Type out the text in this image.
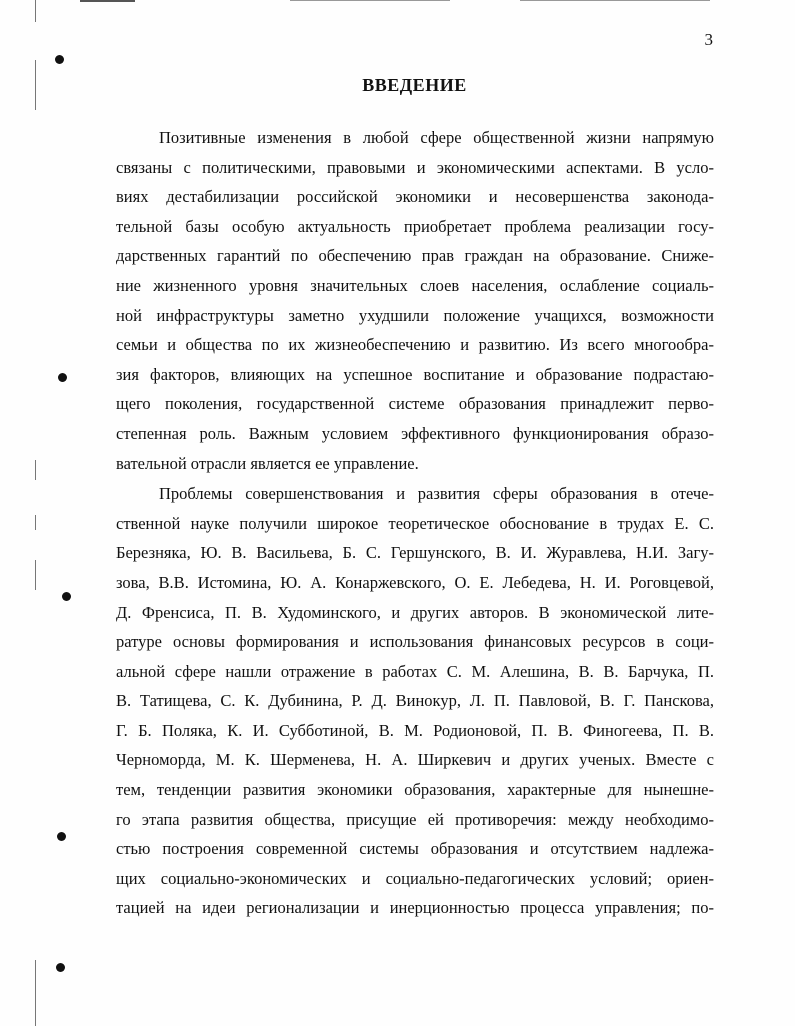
3
ВВЕДЕНИЕ
Позитивные изменения в любой сфере общественной жизни напрямую
связаны с политическими, правовыми и экономическими аспектами. В усло-
виях дестабилизации российской экономики и несовершенства законода-
тельной базы особую актуальность приобретает проблема реализации госу-
дарственных гарантий по обеспечению прав граждан на образование. Сниже-
ние жизненного уровня значительных слоев населения, ослабление социаль-
ной инфраструктуры заметно ухудшили положение учащихся, возможности
семьи и общества по их жизнеобеспечению и развитию. Из всего многообра-
зия факторов, влияющих на успешное воспитание и образование подрастаю-
щего поколения, государственной системе образования принадлежит перво-
степенная роль. Важным условием эффективного функционирования образо-
вательной отрасли является ее управление.
Проблемы совершенствования и развития сферы образования в отече-
ственной науке получили широкое теоретическое обоснование в трудах Е. С.
Березняка, Ю. В. Васильева, Б. С. Гершунского, В. И. Журавлева, Н.И. Загу-
зова, В.В. Истомина, Ю. А. Конаржевского, О. Е. Лебедева, Н. И. Роговцевой,
Д. Френсиса, П. В. Худоминского, и других авторов. В экономической лите-
ратуре основы формирования и использования финансовых ресурсов в соци-
альной сфере нашли отражение в работах С. М. Алешина, В. В. Барчука, П.
В. Татищева, С. К. Дубинина, Р. Д. Винокур, Л. П. Павловой, В. Г. Панскова,
Г. Б. Поляка, К. И. Субботиной, В. М. Родионовой, П. В. Финогеева, П. В.
Черноморда, М. К. Шерменева, Н. А. Ширкевич и других ученых. Вместе с
тем, тенденции развития экономики образования, характерные для нынешне-
го этапа развития общества, присущие ей противоречия: между необходимо-
стью построения современной системы образования и отсутствием надлежа-
щих социально-экономических и социально-педагогических условий; ориен-
тацией на идеи регионализации и инерционностью процесса управления; по-
